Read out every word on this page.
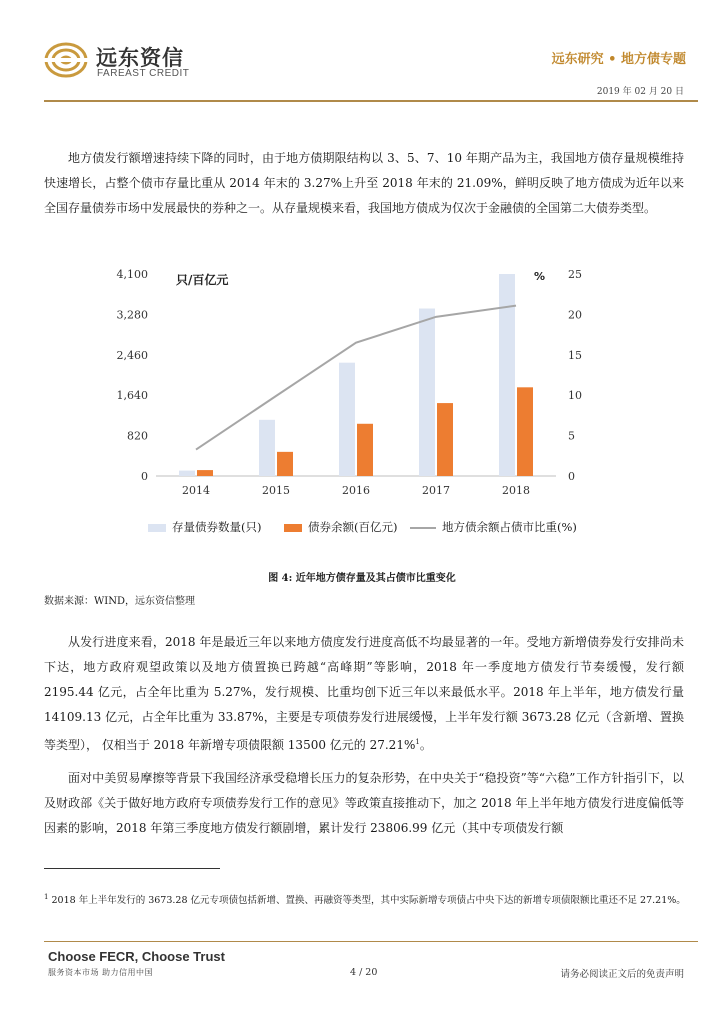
远东资信
FAREAST CREDIT
远东研究 • 地方债专题
2019 年 02 月 20 日
地方债发行额增速持续下降的同时，由于地方债期限结构以 3、5、7、10 年期产品为主，我国地方债存量规模维持快速增长，占整个债市存量比重从 2014 年末的 3.27%上升至 2018 年末的 21.09%，鲜明反映了地方债成为近年以来全国存量债券市场中发展最快的券种之一。从存量规模来看，我国地方债成为仅次于金融债的全国第二大债券类型。
0
820
1,640
2,460
3,280
4,100
0
5
10
15
20
25
只/百亿元	%
2014	2015	2016	2017	2018
存量债券数量(只)	债券余额(百亿元)	地方债余额占债市比重(%)
图 4: 近年地方债存量及其占债市比重变化
数据来源：WIND，远东资信整理
从发行进度来看，2018 年是最近三年以来地方债度发行进度高低不均最显著的一年。受地方新增债券发行安排尚未下达，地方政府观望政策以及地方债置换已跨越“高峰期”等影响，2018 年一季度地方债发行节奏缓慢，发行额 2195.44 亿元，占全年比重为 5.27%，发行规模、比重均创下近三年以来最低水平。2018 年上半年，地方债发行量 14109.13 亿元，占全年比重为 33.87%，主要是专项债券发行进展缓慢，上半年发行额 3673.28 亿元（含新增、置换等类型）， 仅相当于 2018 年新增专项债限额 13500 亿元的 27.21%$^1$。
面对中美贸易摩擦等背景下我国经济承受稳增长压力的复杂形势，在中央关于“稳投资”等“六稳”工作方针指引下，以及财政部《关于做好地方政府专项债券发行工作的意见》等政策直接推动下，加之 2018 年上半年地方债发行进度偏低等因素的影响，2018 年第三季度地方债发行额剧增，累计发行 23806.99 亿元（其中专项债发行额
$^1$ 2018 年上半年发行的 3673.28 亿元专项债包括新增、置换、再融资等类型，其中实际新增专项债占中央下达的新增专项债限额比重还不足 27.21%。
Choose FECR, Choose Trust
服务资本市场 助力信用中国	4 / 20	请务必阅读正文后的免责声明
